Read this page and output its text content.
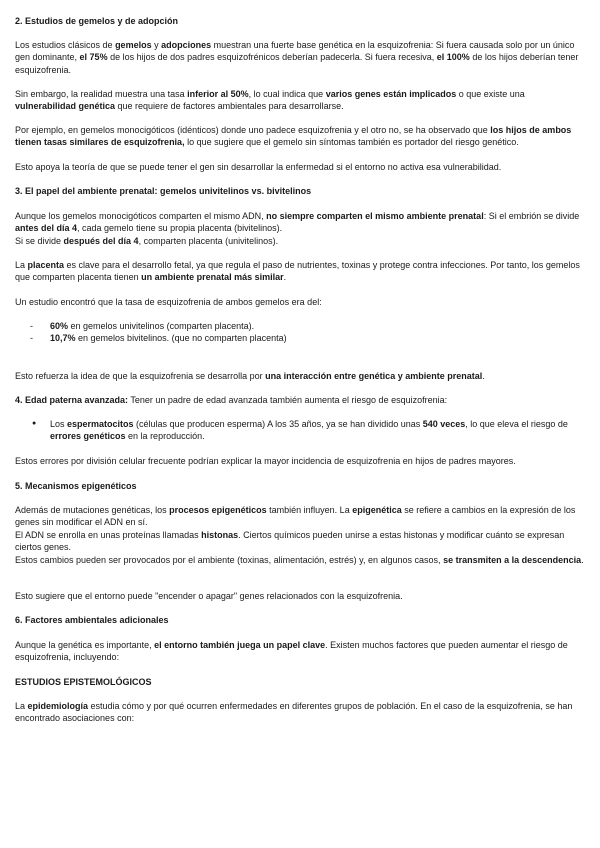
2. Estudios de gemelos y de adopción

Los estudios clásicos de gemelos y adopciones muestran una fuerte base genética en la esquizofrenia: Si fuera causada solo por un único gen dominante, el 75% de los hijos de dos padres esquizofrénicos deberían padecerla. Si fuera recesiva, el 100% de los hijos deberían tener esquizofrenia.

Sin embargo, la realidad muestra una tasa inferior al 50%, lo cual indica que varios genes están implicados o que existe una vulnerabilidad genética que requiere de factores ambientales para desarrollarse.

Por ejemplo, en gemelos monocigóticos (idénticos) donde uno padece esquizofrenia y el otro no, se ha observado que los hijos de ambos tienen tasas similares de esquizofrenia, lo que sugiere que el gemelo sin síntomas también es portador del riesgo genético.

Esto apoya la teoría de que se puede tener el gen sin desarrollar la enfermedad si el entorno no activa esa vulnerabilidad.

3. El papel del ambiente prenatal: gemelos univitelinos vs. bivitelinos

Aunque los gemelos monocigóticos comparten el mismo ADN, no siempre comparten el mismo ambiente prenatal: Si el embrión se divide antes del día 4, cada gemelo tiene su propia placenta (bivitelinos).
Si se divide después del día 4, comparten placenta (univitelinos).

La placenta es clave para el desarrollo fetal, ya que regula el paso de nutrientes, toxinas y protege contra infecciones. Por tanto, los gemelos que comparten placenta tienen un ambiente prenatal más similar.

Un estudio encontró que la tasa de esquizofrenia de ambos gemelos era del:

- 60% en gemelos univitelinos (comparten placenta).
- 10,7% en gemelos bivitelinos. (que no comparten placenta)

Esto refuerza la idea de que la esquizofrenia se desarrolla por una interacción entre genética y ambiente prenatal.

4. Edad paterna avanzada: Tener un padre de edad avanzada también aumenta el riesgo de esquizofrenia:

● Los espermatocitos (células que producen esperma) A los 35 años, ya se han dividido unas 540 veces, lo que eleva el riesgo de errores genéticos en la reproducción.

Estos errores por división celular frecuente podrían explicar la mayor incidencia de esquizofrenia en hijos de padres mayores.

5. Mecanismos epigenéticos

Además de mutaciones genéticas, los procesos epigenéticos también influyen. La epigenética se refiere a cambios en la expresión de los genes sin modificar el ADN en sí.
El ADN se enrolla en unas proteínas llamadas histonas. Ciertos químicos pueden unirse a estas histonas y modificar cuánto se expresan ciertos genes.
Estos cambios pueden ser provocados por el ambiente (toxinas, alimentación, estrés) y, en algunos casos, se transmiten a la descendencia.

Esto sugiere que el entorno puede "encender o apagar" genes relacionados con la esquizofrenia.

6. Factores ambientales adicionales

Aunque la genética es importante, el entorno también juega un papel clave. Existen muchos factores que pueden aumentar el riesgo de esquizofrenia, incluyendo:

ESTUDIOS EPISTEMOLÓGICOS

La epidemiología estudia cómo y por qué ocurren enfermedades en diferentes grupos de población. En el caso de la esquizofrenia, se han encontrado asociaciones con:
